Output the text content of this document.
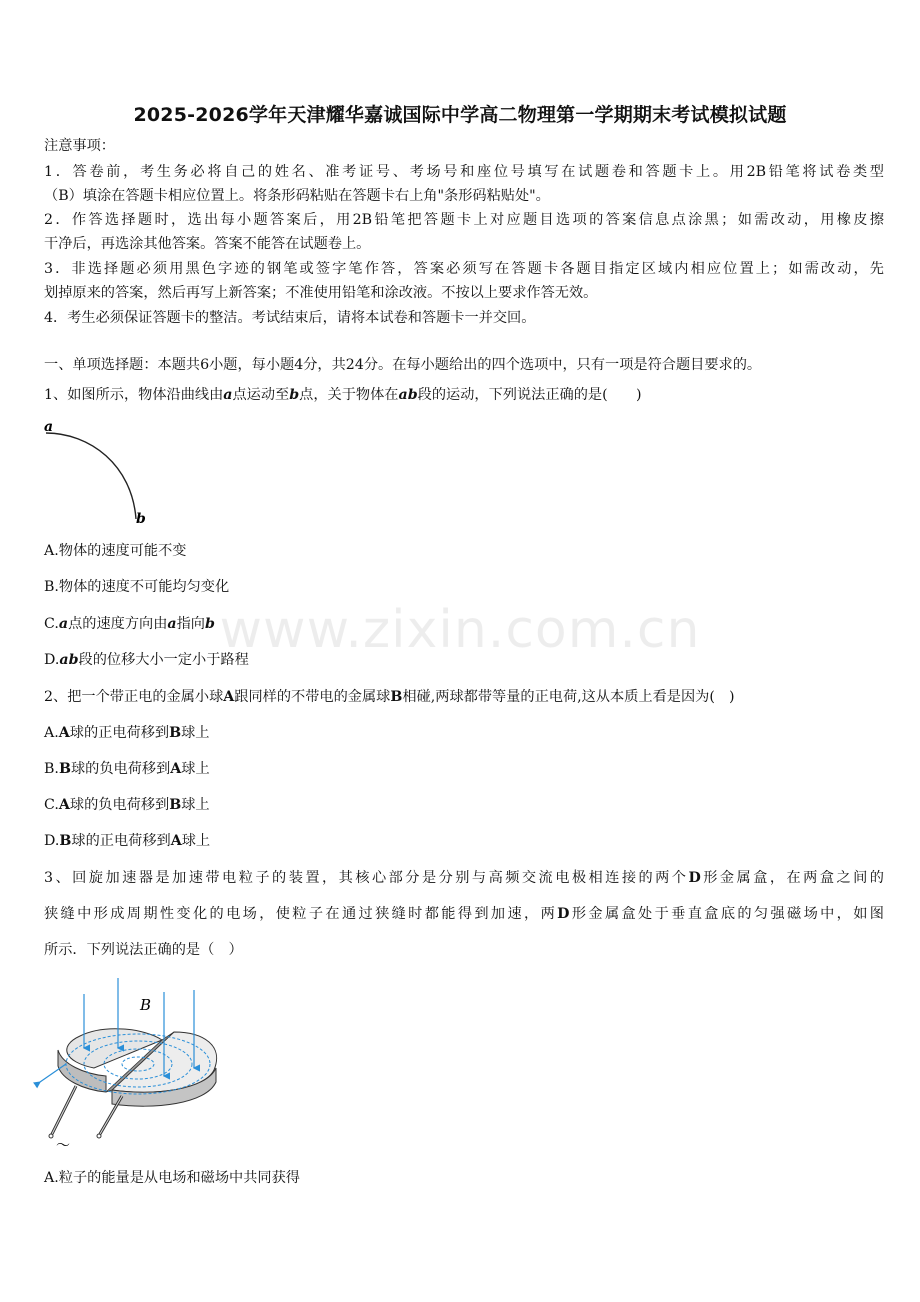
2025-2026学年天津耀华嘉诚国际中学高二物理第一学期期末考试模拟试题
注意事项：
1．答卷前，考生务必将自己的姓名、准考证号、考场号和座位号填写在试题卷和答题卡上。用2B铅笔将试卷类型
（B）填涂在答题卡相应位置上。将条形码粘贴在答题卡右上角"条形码粘贴处"。
2．作答选择题时，选出每小题答案后，用2B铅笔把答题卡上对应题目选项的答案信息点涂黑；如需改动，用橡皮擦
干净后，再选涂其他答案。答案不能答在试题卷上。
3．非选择题必须用黑色字迹的钢笔或签字笔作答，答案必须写在答题卡各题目指定区域内相应位置上；如需改动，先
划掉原来的答案，然后再写上新答案；不准使用铅笔和涂改液。不按以上要求作答无效。
4．考生必须保证答题卡的整洁。考试结束后，请将本试卷和答题卡一并交回。
一、单项选择题：本题共6小题，每小题4分，共24分。在每小题给出的四个选项中，只有一项是符合题目要求的。
1、如图所示，物体沿曲线由a点运动至b点，关于物体在ab段的运动，下列说法正确的是(　　)
a
b
A.物体的速度可能不变
B.物体的速度不可能均匀变化
C.a点的速度方向由a指向b
D.ab段的位移大小一定小于路程
2、把一个带正电的金属小球A跟同样的不带电的金属球B相碰,两球都带等量的正电荷,这从本质上看是因为(　)
A.A球的正电荷移到B球上
B.B球的负电荷移到A球上
C.A球的负电荷移到B球上
D.B球的正电荷移到A球上
3、回旋加速器是加速带电粒子的装置，其核心部分是分别与高频交流电极相连接的两个D形金属盒，在两盒之间的
狭缝中形成周期性变化的电场，使粒子在通过狭缝时都能得到加速，两D形金属盒处于垂直盒底的匀强磁场中，如图
所示．下列说法正确的是（　）
B
～
A.粒子的能量是从电场和磁场中共同获得
www.zixin.com.cn
